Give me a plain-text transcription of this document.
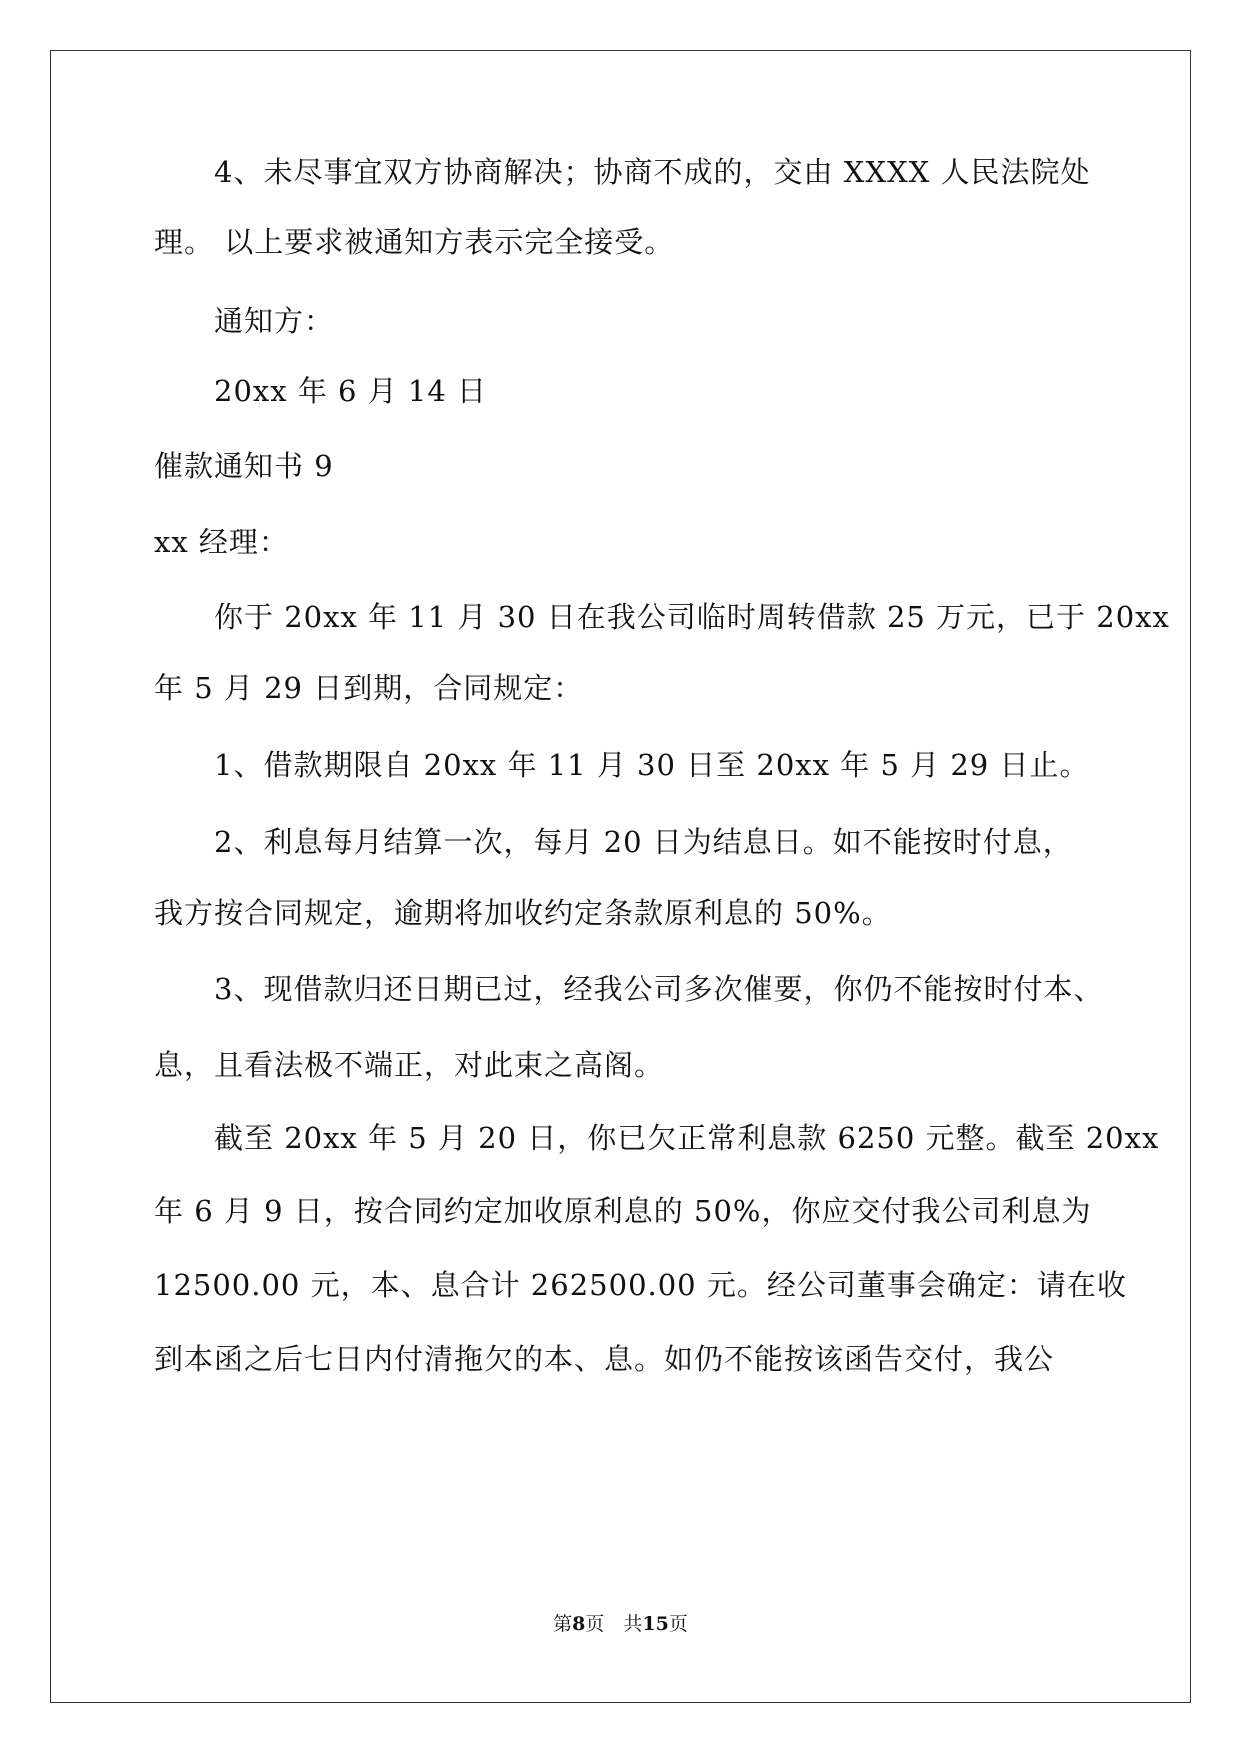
4、未尽事宜双方协商解决；协商不成的，交由 XXXX 人民法院处
理。 以上要求被通知方表示完全接受。
通知方：
20xx 年 6 月 14 日
催款通知书 9
xx 经理：
你于 20xx 年 11 月 30 日在我公司临时周转借款 25 万元，已于 20xx
年 5 月 29 日到期，合同规定：
1、借款期限自 20xx 年 11 月 30 日至 20xx 年 5 月 29 日止。
2、利息每月结算一次，每月 20 日为结息日。如不能按时付息，
我方按合同规定，逾期将加收约定条款原利息的 50%。
3、现借款归还日期已过，经我公司多次催要，你仍不能按时付本、
息，且看法极不端正，对此束之高阁。
截至 20xx 年 5 月 20 日，你已欠正常利息款 6250 元整。截至 20xx
年 6 月 9 日，按合同约定加收原利息的 50%，你应交付我公司利息为
12500.00 元，本、息合计 262500.00 元。经公司董事会确定：请在收
到本函之后七日内付清拖欠的本、息。如仍不能按该函告交付，我公
第8页　共15页
